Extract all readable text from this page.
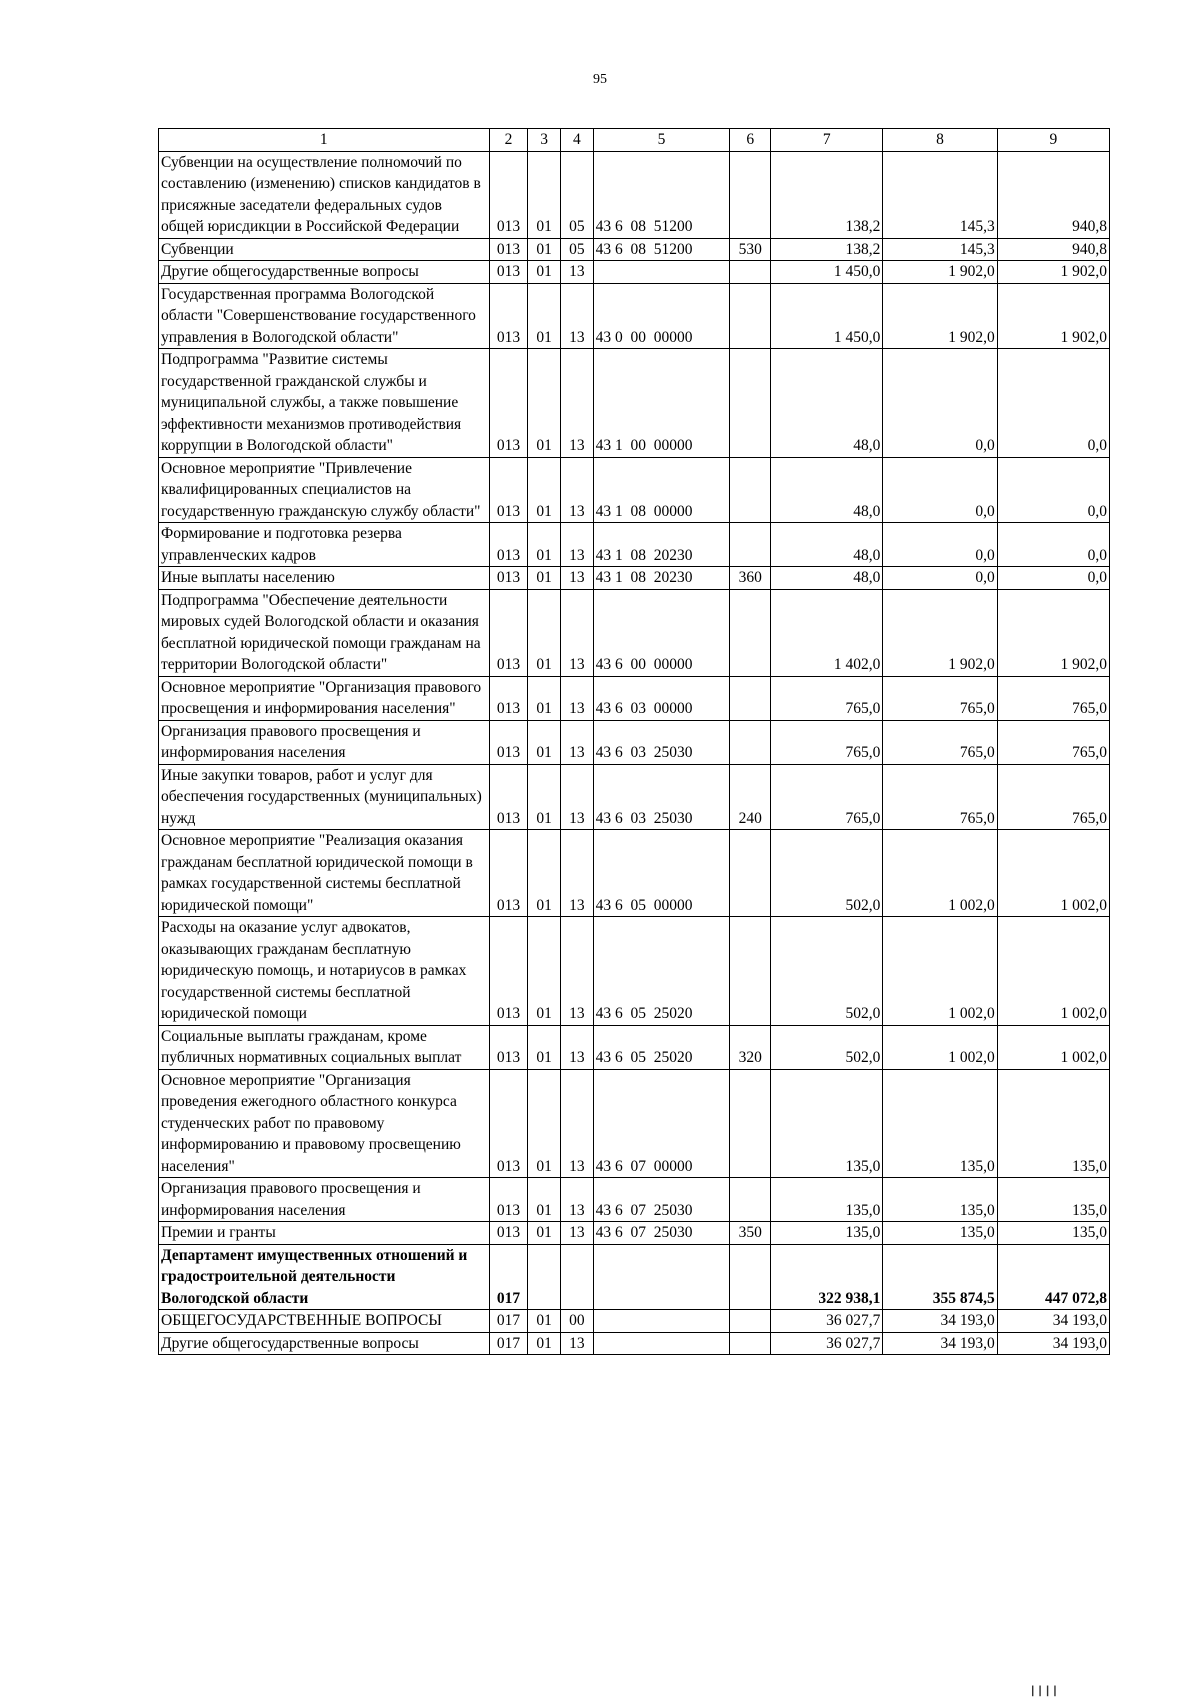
95
1	2	3	4	5	6	7	8	9
Субвенции на осуществление полномочий по составлению (изменению) списков кандидатов в присяжные заседатели федеральных судов общей юрисдикции в Российской Федерации	013	01	05	43 6  08  51200		138,2	145,3	940,8
Субвенции	013	01	05	43 6  08  51200	530	138,2	145,3	940,8
Другие общегосударственные вопросы	013	01	13			1 450,0	1 902,0	1 902,0
Государственная программа Вологодской области "Совершенствование государственного управления в Вологодской области"	013	01	13	43 0  00  00000		1 450,0	1 902,0	1 902,0
Подпрограмма "Развитие системы государственной гражданской службы и муниципальной службы, а также повышение эффективности механизмов противодействия коррупции в Вологодской области"	013	01	13	43 1  00  00000		48,0	0,0	0,0
Основное мероприятие "Привлечение квалифицированных специалистов на государственную гражданскую службу области"	013	01	13	43 1  08  00000		48,0	0,0	0,0
Формирование и подготовка резерва управленческих кадров	013	01	13	43 1  08  20230		48,0	0,0	0,0
Иные выплаты населению	013	01	13	43 1  08  20230	360	48,0	0,0	0,0
Подпрограмма "Обеспечение деятельности мировых судей Вологодской области и оказания бесплатной юридической помощи гражданам на территории Вологодской области"	013	01	13	43 6  00  00000		1 402,0	1 902,0	1 902,0
Основное мероприятие "Организация правового просвещения и информирования населения"	013	01	13	43 6  03  00000		765,0	765,0	765,0
Организация правового просвещения и информирования населения	013	01	13	43 6  03  25030		765,0	765,0	765,0
Иные закупки товаров, работ и услуг для обеспечения государственных (муниципальных) нужд	013	01	13	43 6  03  25030	240	765,0	765,0	765,0
Основное мероприятие "Реализация оказания гражданам бесплатной юридической помощи в рамках государственной системы бесплатной юридической помощи"	013	01	13	43 6  05  00000		502,0	1 002,0	1 002,0
Расходы на оказание услуг адвокатов, оказывающих гражданам бесплатную юридическую помощь, и нотариусов в рамках государственной системы бесплатной юридической помощи	013	01	13	43 6  05  25020		502,0	1 002,0	1 002,0
Социальные выплаты гражданам, кроме публичных нормативных социальных выплат	013	01	13	43 6  05  25020	320	502,0	1 002,0	1 002,0
Основное мероприятие "Организация проведения ежегодного областного конкурса студенческих работ по правовому информированию и правовому просвещению населения"	013	01	13	43 6  07  00000		135,0	135,0	135,0
Организация правового просвещения и информирования населения	013	01	13	43 6  07  25030		135,0	135,0	135,0
Премии и гранты	013	01	13	43 6  07  25030	350	135,0	135,0	135,0
Департамент имущественных отношений и градостроительной деятельности Вологодской области	017					322 938,1	355 874,5	447 072,8
ОБЩЕГОСУДАРСТВЕННЫЕ ВОПРОСЫ	017	01	00			36 027,7	34 193,0	34 193,0
Другие общегосударственные вопросы	017	01	13			36 027,7	34 193,0	34 193,0
┃┃┃┃
